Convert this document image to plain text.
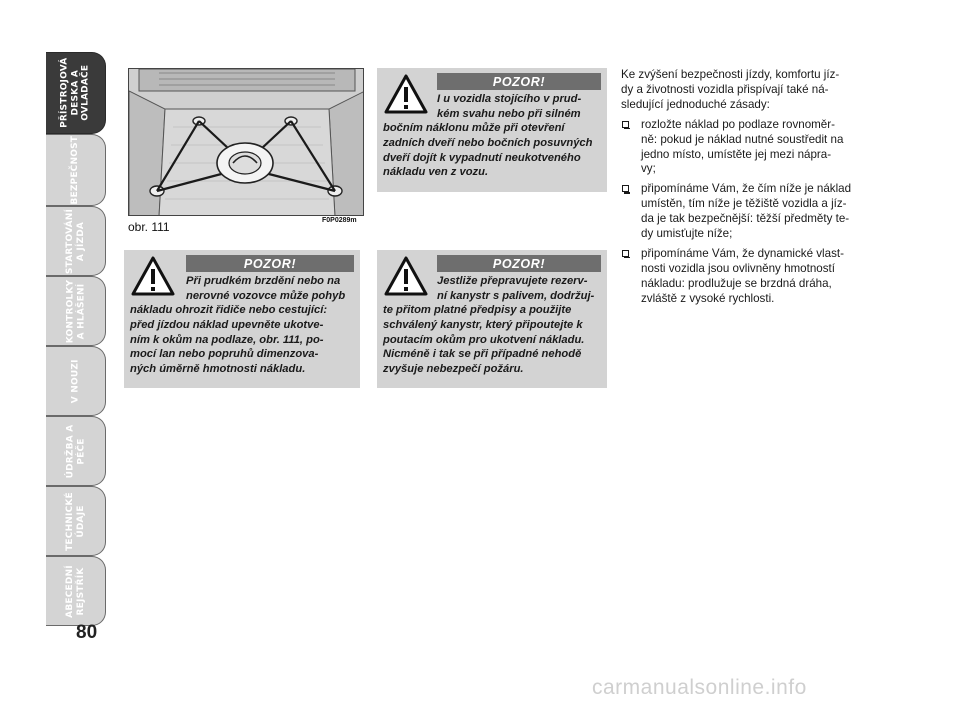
PŘÍSTROJOVÁ
DESKA A
OVLADAČE
BEZPEČNOST
STARTOVÁNÍ
A JÍZDA
KONTROLKY
A HLÁŠENÍ
V NOUZI
ÚDRŽBA A
PÉČE
TECHNICKÉ
ÚDAJE
ABECEDNÍ
REJSTŘÍK
80
F0P0289m
obr. 111
POZOR!

I u vozidla stojícího v prud-
kém svahu nebo při silném

bočním náklonu může při otevření
zadních dveří nebo bočních posuvných
dveří dojít k vypadnutí neukotveného
nákladu ven z vozu.

POZOR!

Při prudkém brzdění nebo na
nerovné vozovce může pohyb

nákladu ohrozit řidiče nebo cestující:
před jízdou náklad upevněte ukotve-
ním k okům na podlaze, obr. 111, po-
mocí lan nebo popruhů dimenzova-
ných úměrně hmotnosti nákladu.

POZOR!

Jestliže přepravujete rezerv-
ní kanystr s palivem, dodržuj-

te přitom platné předpisy a použijte
schválený kanystr, který připoutejte k
poutacím okům pro ukotvení nákladu.
Nicméně i tak se při případné nehodě
zvyšuje nebezpečí požáru.

Ke zvýšení bezpečnosti jízdy, komfortu jíz-
dy a životnosti vozidla přispívají také ná-
sledující jednoduché zásady:

rozložte náklad po podlaze rovnoměr-
ně: pokud je náklad nutné soustředit na
jedno místo, umístěte jej mezi nápra-
vy;
připomínáme Vám, že čím níže je náklad
umístěn, tím níže je těžiště vozidla a jíz-
da je tak bezpečnější: těžší předměty te-
dy umisťujte níže;
připomínáme Vám, že dynamické vlast-
nosti vozidla jsou ovlivněny hmotností
nákladu: prodlužuje se brzdná dráha,
zvláště z vysoké rychlosti.
carmanualsonline.info
